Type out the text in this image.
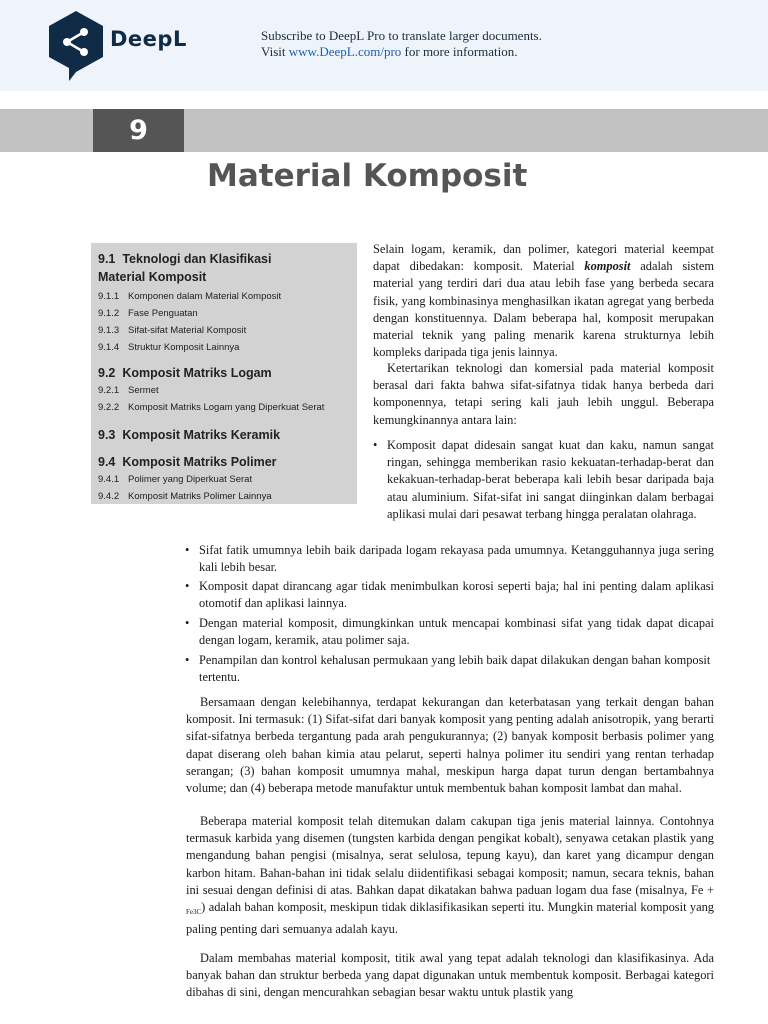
DeepL	Subscribe to DeepL Pro to translate larger documents.
Visit www.DeepL.com/pro for more information.
9
Material Komposit
9.1 Teknologi dan Klasifikasi
Material Komposit
9.1.1 Komponen dalam Material Komposit
9.1.2 Fase Penguatan
9.1.3 Sifat-sifat Material Komposit
9.1.4 Struktur Komposit Lainnya
9.2 Komposit Matriks Logam
9.2.1 Sermet
9.2.2 Komposit Matriks Logam yang Diperkuat Serat
9.3 Komposit Matriks Keramik
9.4 Komposit Matriks Polimer
9.4.1 Polimer yang Diperkuat Serat
9.4.2 Komposit Matriks Polimer Lainnya

Selain logam, keramik, dan polimer, kategori material keempat dapat dibedakan: komposit. Material komposit adalah sistem material yang terdiri dari dua atau lebih fase yang berbeda secara fisik, yang kombinasinya menghasilkan ikatan agregat yang berbeda dengan konstituennya. Dalam beberapa hal, komposit merupakan material teknik yang paling menarik karena strukturnya lebih kompleks daripada tiga jenis lainnya.

Ketertarikan teknologi dan komersial pada material komposit berasal dari fakta bahwa sifat-sifatnya tidak hanya berbeda dari komponennya, tetapi sering kali jauh lebih unggul. Beberapa kemungkinannya antara lain:

• Komposit dapat didesain sangat kuat dan kaku, namun sangat ringan, sehingga memberikan rasio kekuatan-terhadap-berat dan kekakuan-terhadap-berat beberapa kali lebih besar daripada baja atau aluminium. Sifat-sifat ini sangat diinginkan dalam berbagai aplikasi mulai dari pesawat terbang hingga peralatan olahraga.
• Sifat fatik umumnya lebih baik daripada logam rekayasa pada umumnya. Ketangguhannya juga sering kali lebih besar.
• Komposit dapat dirancang agar tidak menimbulkan korosi seperti baja; hal ini penting dalam aplikasi otomotif dan aplikasi lainnya.
• Dengan material komposit, dimungkinkan untuk mencapai kombinasi sifat yang tidak dapat dicapai dengan logam, keramik, atau polimer saja.
• Penampilan dan kontrol kehalusan permukaan yang lebih baik dapat dilakukan dengan bahan komposit tertentu.

Bersamaan dengan kelebihannya, terdapat kekurangan dan keterbatasan yang terkait dengan bahan komposit. Ini termasuk: (1) Sifat-sifat dari banyak komposit yang penting adalah anisotropik, yang berarti sifat-sifatnya berbeda tergantung pada arah pengukurannya; (2) banyak komposit berbasis polimer yang dapat diserang oleh bahan kimia atau pelarut, seperti halnya polimer itu sendiri yang rentan terhadap serangan; (3) bahan komposit umumnya mahal, meskipun harga dapat turun dengan bertambahnya volume; dan (4) beberapa metode manufaktur untuk membentuk bahan komposit lambat dan mahal.

Beberapa material komposit telah ditemukan dalam cakupan tiga jenis material lainnya. Contohnya termasuk karbida yang disemen (tungsten karbida dengan pengikat kobalt), senyawa cetakan plastik yang mengandung bahan pengisi (misalnya, serat selulosa, tepung kayu), dan karet yang dicampur dengan karbon hitam. Bahan-bahan ini tidak selalu diidentifikasi sebagai komposit; namun, secara teknis, bahan ini sesuai dengan definisi di atas. Bahkan dapat dikatakan bahwa paduan logam dua fase (misalnya, Fe + $_{Fe3C}$) adalah bahan komposit, meskipun tidak diklasifikasikan seperti itu. Mungkin material komposit yang paling penting dari semuanya adalah kayu.

Dalam membahas material komposit, titik awal yang tepat adalah teknologi dan klasifikasinya. Ada banyak bahan dan struktur berbeda yang dapat digunakan untuk membentuk komposit. Berbagai kategori dibahas di sini, dengan mencurahkan sebagian besar waktu untuk plastik yang
